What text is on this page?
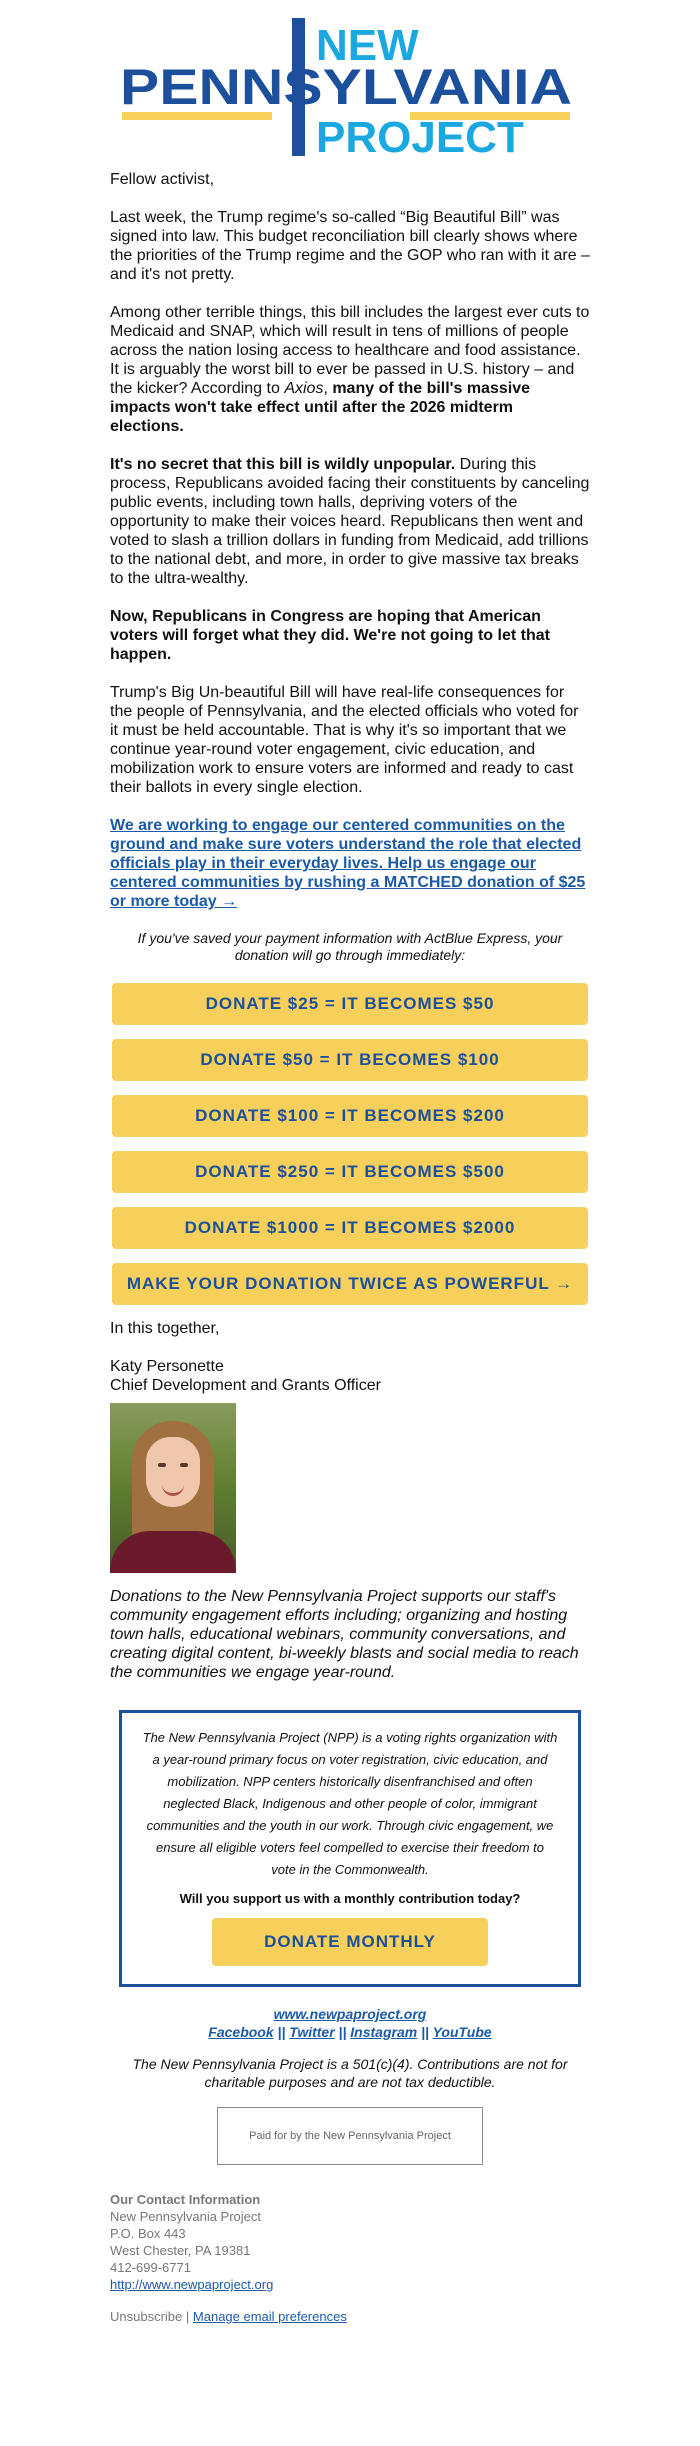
NEW
PENNSYLVANIA
PROJECT

Fellow activist,

Last week, the Trump regime's so-called “Big Beautiful Bill” was signed into law. This budget reconciliation bill clearly shows where the priorities of the Trump regime and the GOP who ran with it are – and it's not pretty.

Among other terrible things, this bill includes the largest ever cuts to Medicaid and SNAP, which will result in tens of millions of people across the nation losing access to healthcare and food assistance. It is arguably the worst bill to ever be passed in U.S. history – and the kicker? According to Axios, many of the bill's massive impacts won't take effect until after the 2026 midterm elections.

It's no secret that this bill is wildly unpopular. During this process, Republicans avoided facing their constituents by canceling public events, including town halls, depriving voters of the opportunity to make their voices heard. Republicans then went and voted to slash a trillion dollars in funding from Medicaid, add trillions to the national debt, and more, in order to give massive tax breaks to the ultra-wealthy.

Now, Republicans in Congress are hoping that American voters will forget what they did. We're not going to let that happen.

Trump's Big Un-beautiful Bill will have real-life consequences for the people of Pennsylvania, and the elected officials who voted for it must be held accountable. That is why it's so important that we continue year-round voter engagement, civic education, and mobilization work to ensure voters are informed and ready to cast their ballots in every single election.

We are working to engage our centered communities on the ground and make sure voters understand the role that elected officials play in their everyday lives. Help us engage our centered communities by rushing a MATCHED donation of $25 or more today →

If you've saved your payment information with ActBlue Express, your donation will go through immediately:

DONATE $25 = IT BECOMES $50
DONATE $50 = IT BECOMES $100
DONATE $100 = IT BECOMES $200
DONATE $250 = IT BECOMES $500
DONATE $1000 = IT BECOMES $2000
MAKE YOUR DONATION TWICE AS POWERFUL →

In this together,

Katy Personette
Chief Development and Grants Officer

Donations to the New Pennsylvania Project supports our staff's community engagement efforts including; organizing and hosting town halls, educational webinars, community conversations, and creating digital content, bi-weekly blasts and social media to reach the communities we engage year-round.

The New Pennsylvania Project (NPP) is a voting rights organization with a year-round primary focus on voter registration, civic education, and mobilization. NPP centers historically disenfranchised and often neglected Black, Indigenous and other people of color, immigrant communities and the youth in our work. Through civic engagement, we ensure all eligible voters feel compelled to exercise their freedom to vote in the Commonwealth.

Will you support us with a monthly contribution today?

DONATE MONTHLY
www.newpaproject.org
Facebook || Twitter || Instagram || YouTube

The New Pennsylvania Project is a 501(c)(4). Contributions are not for charitable purposes and are not tax deductible.

Paid for by the New Pennsylvania Project
Our Contact Information
New Pennsylvania Project
P.O. Box 443
West Chester, PA 19381
412-699-6771
http://www.newpaproject.org
Unsubscribe | Manage email preferences
